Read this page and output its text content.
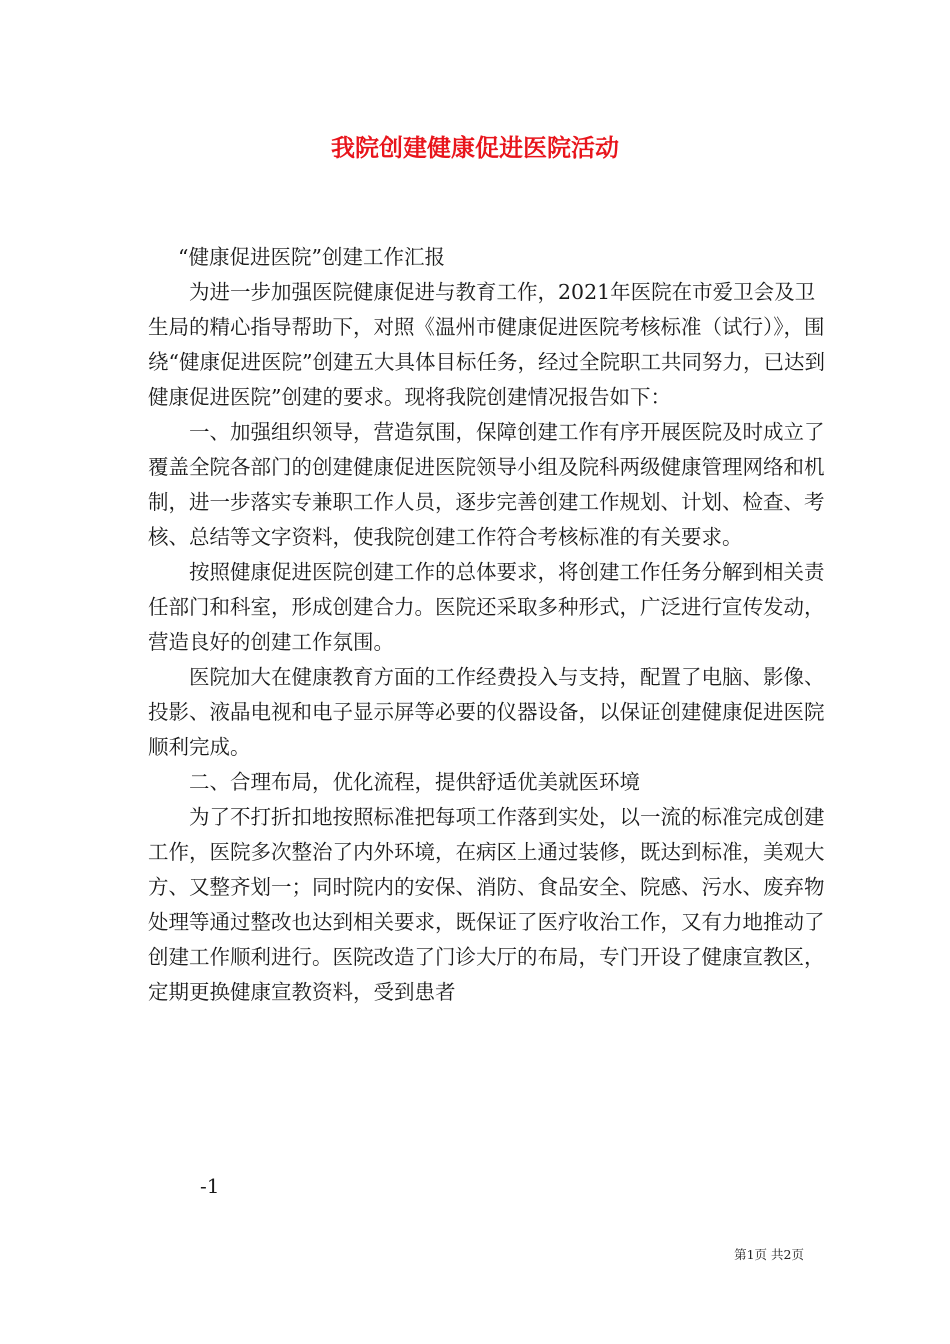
我院创建健康促进医院活动

“健康促进医院”创建工作汇报

为进一步加强医院健康促进与教育工作，2021年医院在市爱卫会及卫生局的精心指导帮助下，对照《温州市健康促进医院考核标准（试行）》，围绕“健康促进医院”创建五大具体目标任务，经过全院职工共同努力，已达到健康促进医院”创建的要求。现将我院创建情况报告如下：

一、加强组织领导，营造氛围，保障创建工作有序开展医院及时成立了覆盖全院各部门的创建健康促进医院领导小组及院科两级健康管理网络和机制，进一步落实专兼职工作人员，逐步完善创建工作规划、计划、检查、考核、总结等文字资料，使我院创建工作符合考核标准的有关要求。

按照健康促进医院创建工作的总体要求，将创建工作任务分解到相关责任部门和科室，形成创建合力。医院还采取多种形式，广泛进行宣传发动，营造良好的创建工作氛围。

医院加大在健康教育方面的工作经费投入与支持，配置了电脑、影像、投影、液晶电视和电子显示屏等必要的仪器设备，以保证创建健康促进医院顺利完成。

二、合理布局，优化流程，提供舒适优美就医环境

为了不打折扣地按照标准把每项工作落到实处，以一流的标准完成创建工作，医院多次整治了内外环境，在病区上通过装修，既达到标准，美观大方、又整齐划一；同时院内的安保、消防、食品安全、院感、污水、废弃物处理等通过整改也达到相关要求，既保证了医疗收治工作，又有力地推动了创建工作顺利进行。医院改造了门诊大厅的布局，专门开设了健康宣教区，定期更换健康宣教资料，受到患者

-1
第1页 共2页
